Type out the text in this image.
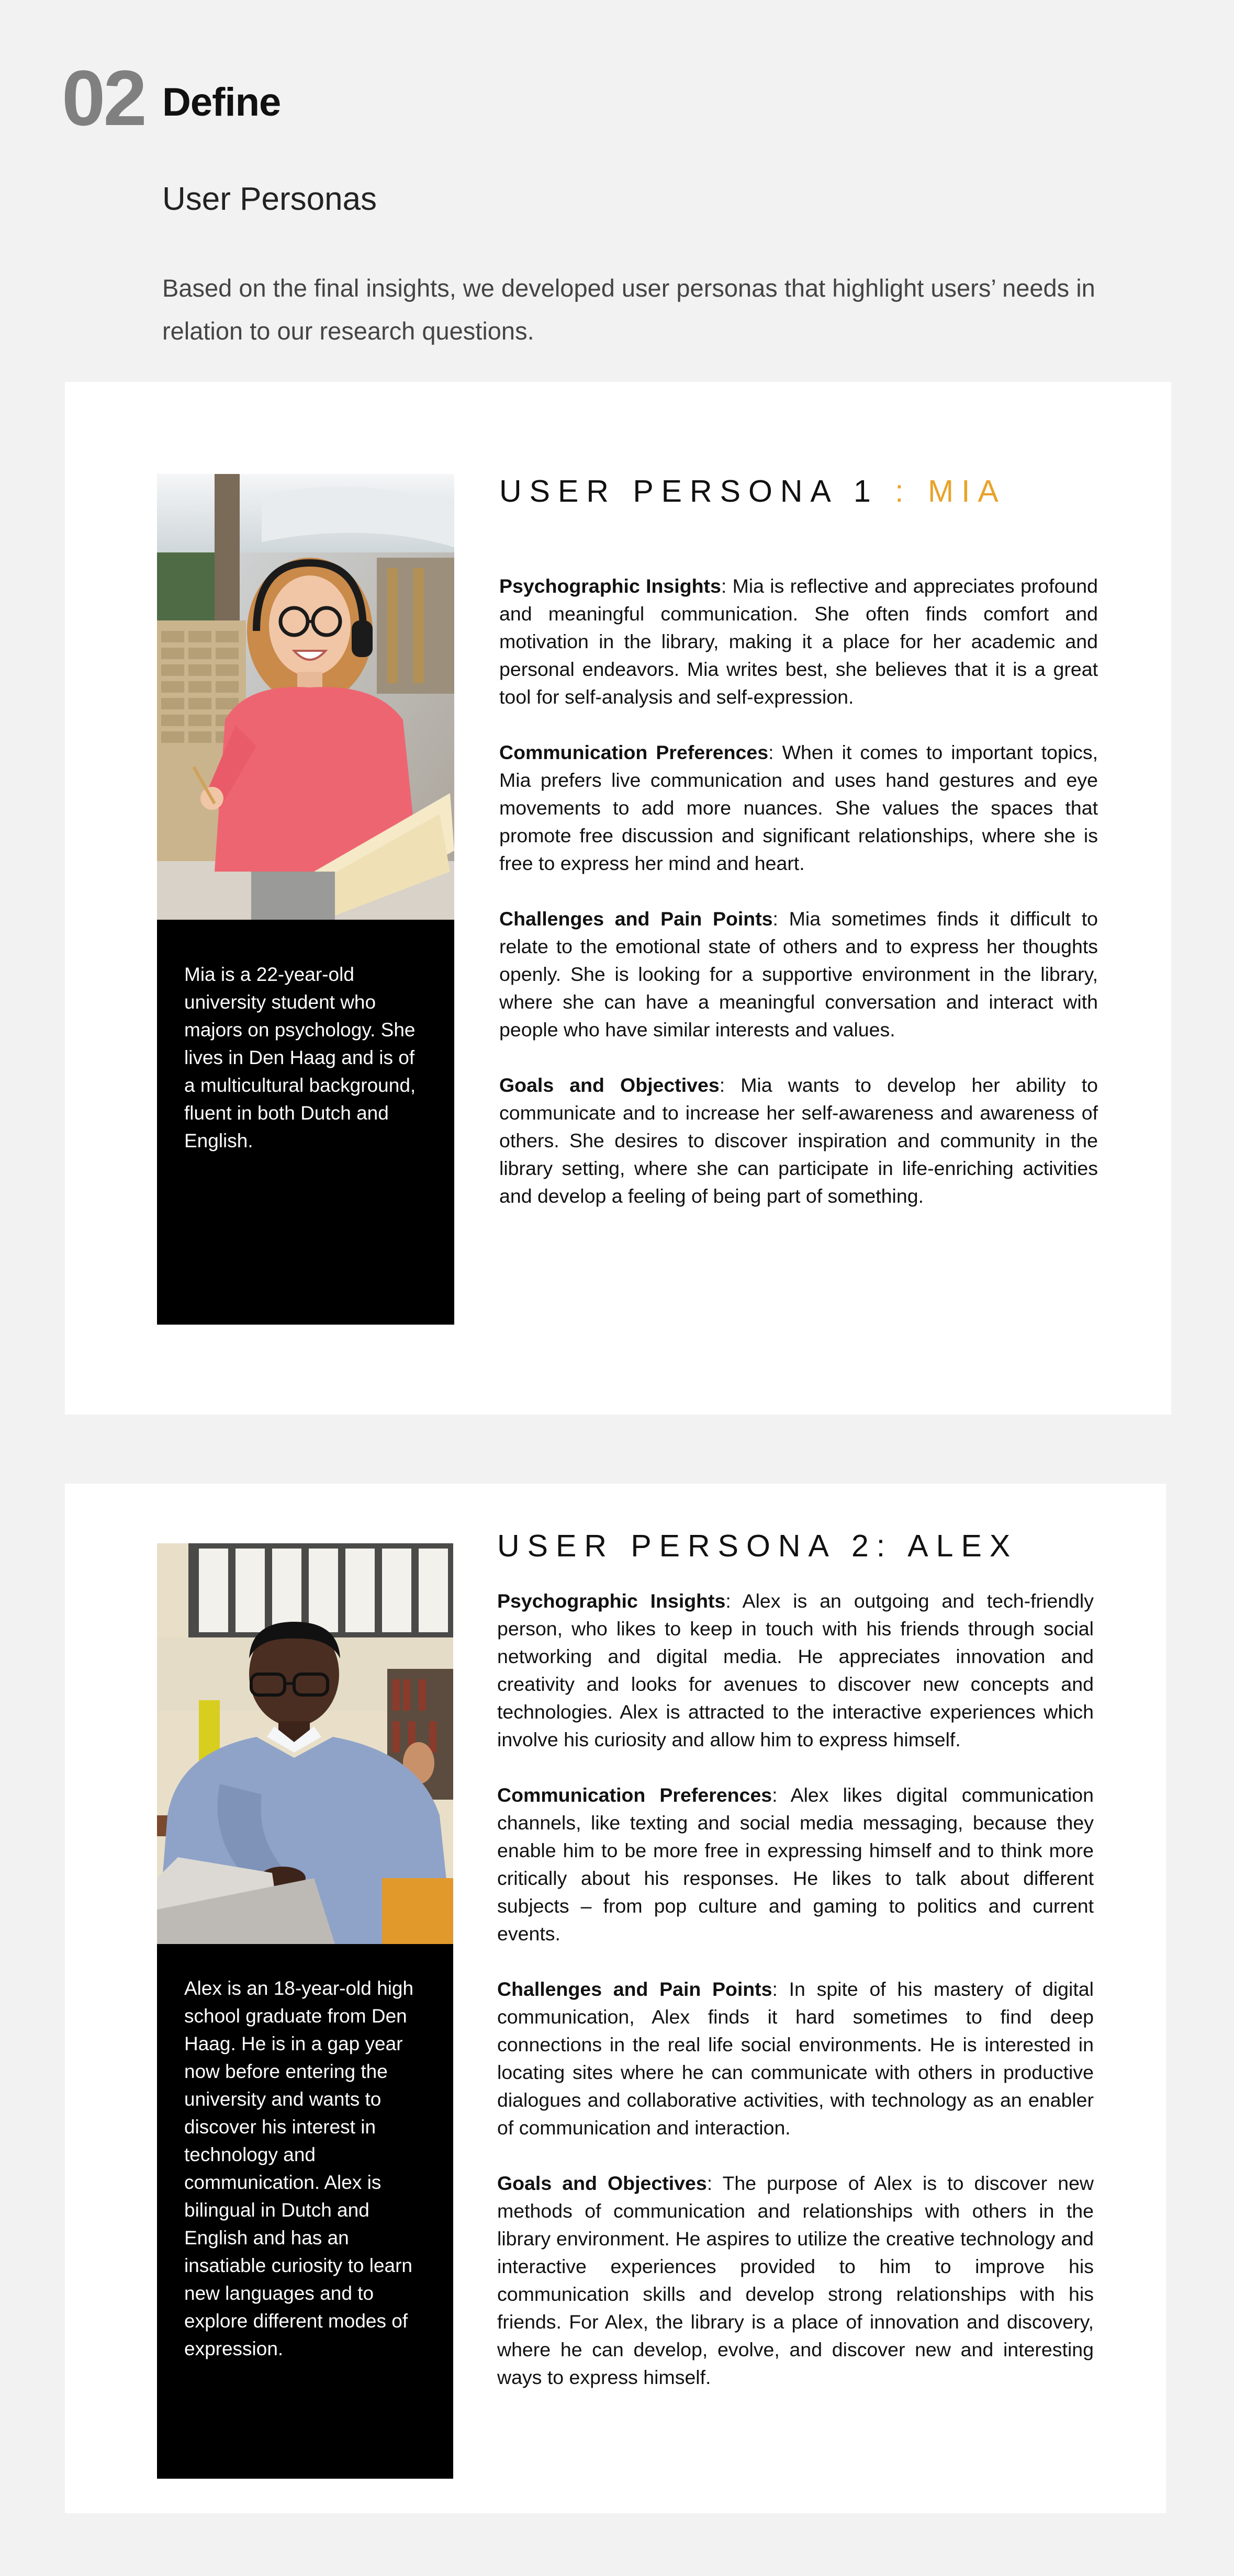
02 Define
User Personas
Based on the final insights, we developed user personas that highlight users’ needs in relation to our research questions.
Mia is a 22-year-old university student who majors on psychology. She lives in Den Haag and is of a multicultural background, fluent in both Dutch and English.
USER PERSONA 1 : MIA

Psychographic Insights: Mia is reflective and appreciates profound and meaningful communication. She often finds comfort and motivation in the library, making it a place for her academic and personal endeavors. Mia writes best, she believes that it is a great tool for self-analysis and self-expression.

Communication Preferences: When it comes to important topics, Mia prefers live communication and uses hand gestures and eye movements to add more nuances. She values the spaces that promote free discussion and significant relationships, where she is free to express her mind and heart.

Challenges and Pain Points: Mia sometimes finds it difficult to relate to the emotional state of others and to express her thoughts openly. She is looking for a supportive environment in the library, where she can have a meaningful conversation and interact with people who have similar interests and values.

Goals and Objectives: Mia wants to develop her ability to communicate and to increase her self-awareness and awareness of others. She desires to discover inspiration and community in the library setting, where she can participate in life-enriching activities and develop a feeling of being part of something.

Alex is an 18-year-old high school graduate from Den Haag. He is in a gap year now before entering the university and wants to discover his interest in technology and communication. Alex is bilingual in Dutch and English and has an insatiable curiosity to learn new languages and to explore different modes of expression.
USER PERSONA 2: ALEX

Psychographic Insights: Alex is an outgoing and tech-friendly person, who likes to keep in touch with his friends through social networking and digital media. He appreciates innovation and creativity and looks for avenues to discover new concepts and technologies. Alex is attracted to the interactive experiences which involve his curiosity and allow him to express himself.

Communication Preferences: Alex likes digital communication channels, like texting and social media messaging, because they enable him to be more free in expressing himself and to think more critically about his responses. He likes to talk about different subjects – from pop culture and gaming to politics and current events.

Challenges and Pain Points: In spite of his mastery of digital communication, Alex finds it hard sometimes to find deep connections in the real life social environments. He is interested in locating sites where he can communicate with others in productive dialogues and collaborative activities, with technology as an enabler of communication and interaction.

Goals and Objectives: The purpose of Alex is to discover new methods of communication and relationships with others in the library environment. He aspires to utilize the creative technology and interactive experiences provided to him to improve his communication skills and develop strong relationships with his friends. For Alex, the library is a place of innovation and discovery, where he can develop, evolve, and discover new and interesting ways to express himself.
